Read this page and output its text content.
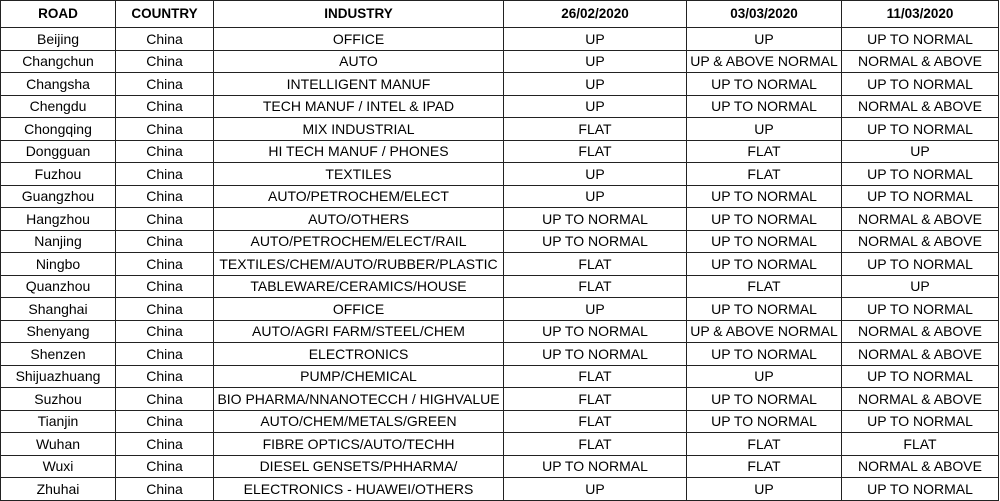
ROAD	COUNTRY	INDUSTRY	26/02/2020	03/03/2020	11/03/2020
Beijing	China	OFFICE	UP	UP	UP TO NORMAL
Changchun	China	AUTO	UP	UP & ABOVE NORMAL	NORMAL & ABOVE
Changsha	China	INTELLIGENT MANUF	UP	UP TO NORMAL	UP TO NORMAL
Chengdu	China	TECH MANUF / INTEL & IPAD	UP	UP TO NORMAL	NORMAL & ABOVE
Chongqing	China	MIX INDUSTRIAL	FLAT	UP	UP TO NORMAL
Dongguan	China	HI TECH MANUF / PHONES	FLAT	FLAT	UP
Fuzhou	China	TEXTILES	UP	FLAT	UP TO NORMAL
Guangzhou	China	AUTO/PETROCHEM/ELECT	UP	UP TO NORMAL	UP TO NORMAL
Hangzhou	China	AUTO/OTHERS	UP TO NORMAL	UP TO NORMAL	NORMAL & ABOVE
Nanjing	China	AUTO/PETROCHEM/ELECT/RAIL	UP TO NORMAL	UP TO NORMAL	NORMAL & ABOVE
Ningbo	China	TEXTILES/CHEM/AUTO/RUBBER/PLASTIC	FLAT	UP TO NORMAL	UP TO NORMAL
Quanzhou	China	TABLEWARE/CERAMICS/HOUSE	FLAT	FLAT	UP
Shanghai	China	OFFICE	UP	UP TO NORMAL	UP TO NORMAL
Shenyang	China	AUTO/AGRI FARM/STEEL/CHEM	UP TO NORMAL	UP & ABOVE NORMAL	NORMAL & ABOVE
Shenzen	China	ELECTRONICS	UP TO NORMAL	UP TO NORMAL	NORMAL & ABOVE
Shijuazhuang	China	PUMP/CHEMICAL	FLAT	UP	UP TO NORMAL
Suzhou	China	BIO PHARMA/NNANOTECCH / HIGHVALUE	FLAT	UP TO NORMAL	NORMAL & ABOVE
Tianjin	China	AUTO/CHEM/METALS/GREEN	FLAT	UP TO NORMAL	UP TO NORMAL
Wuhan	China	FIBRE OPTICS/AUTO/TECHH	FLAT	FLAT	FLAT
Wuxi	China	DIESEL GENSETS/PHHARMA/	UP TO NORMAL	FLAT	NORMAL & ABOVE
Zhuhai	China	ELECTRONICS - HUAWEI/OTHERS	UP	UP	UP TO NORMAL
